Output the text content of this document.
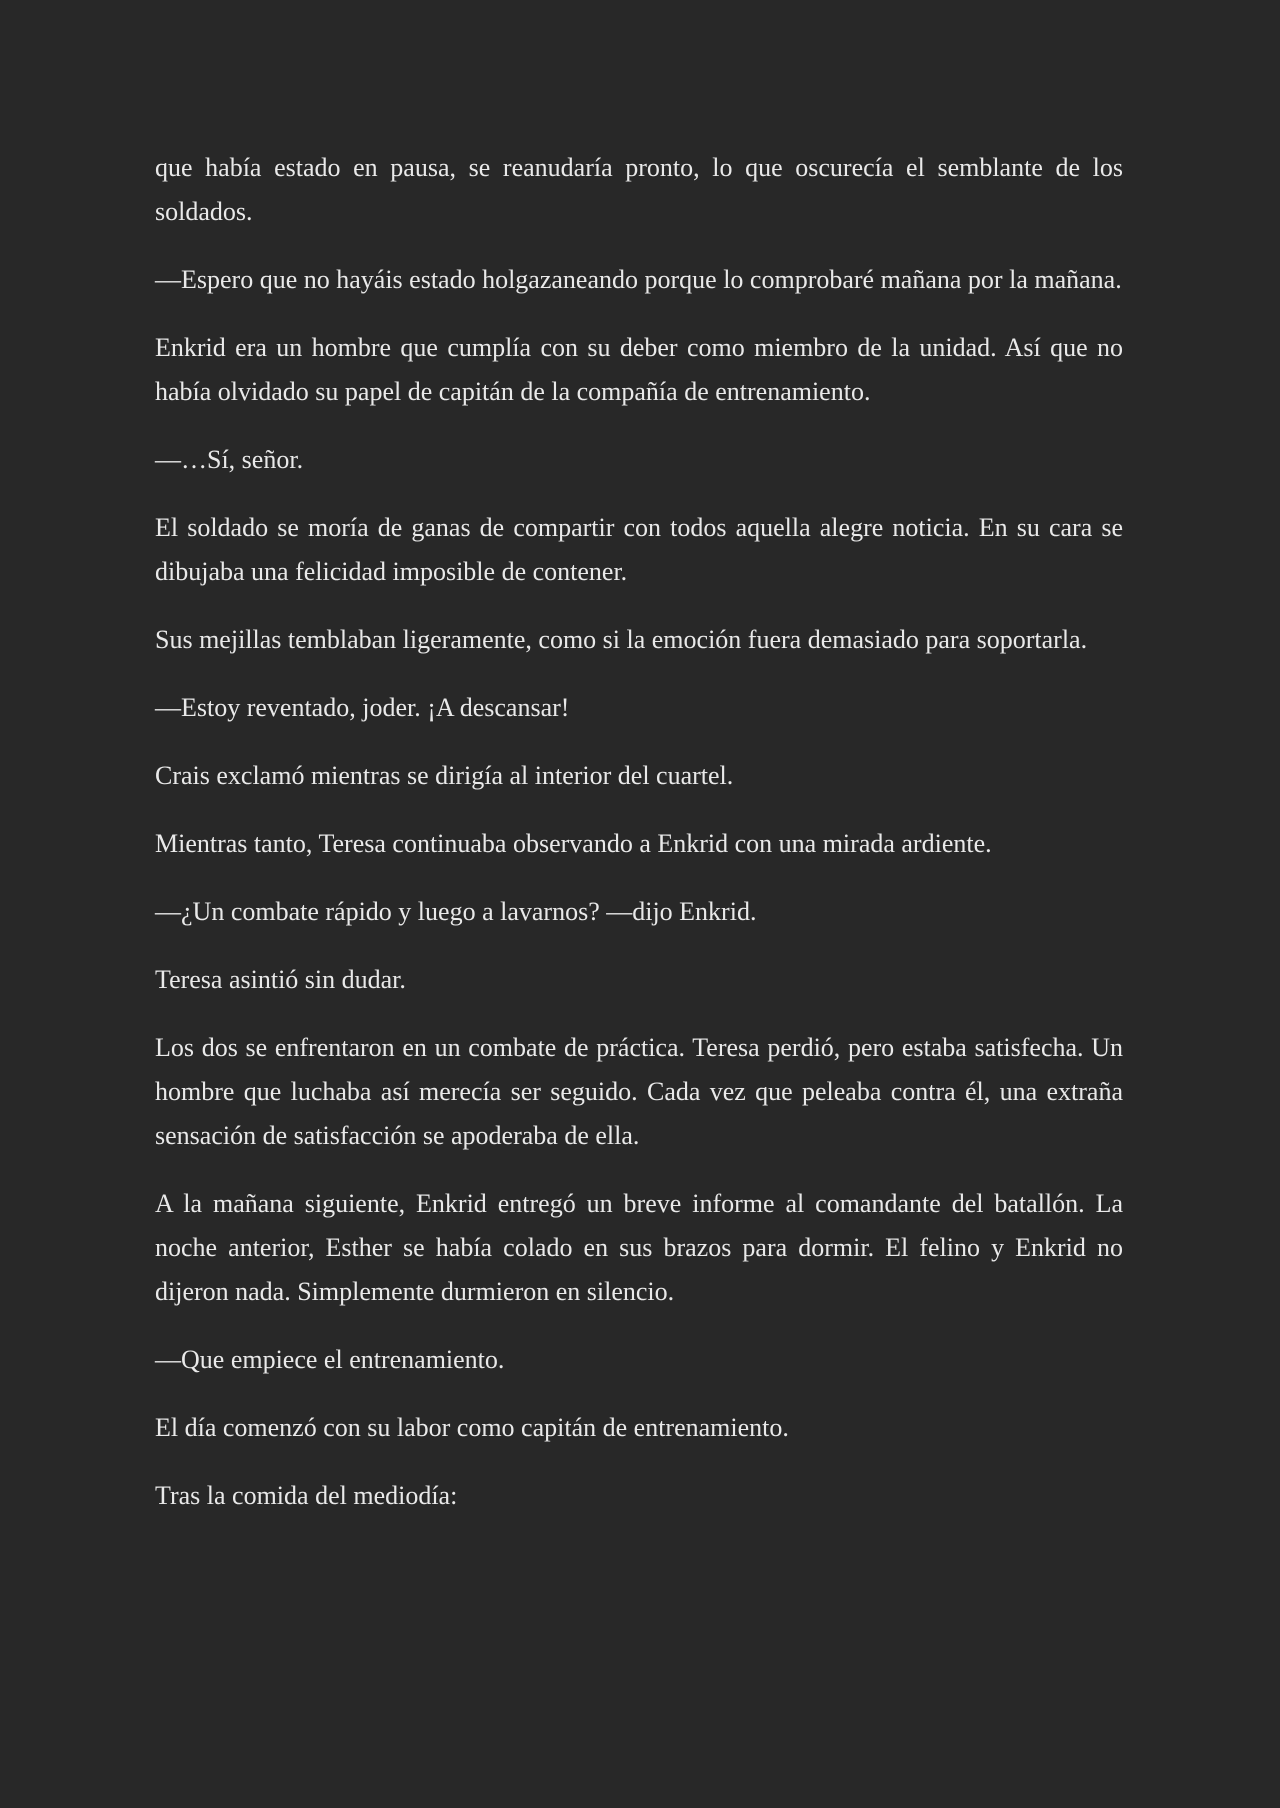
que había estado en pausa, se reanudaría pronto, lo que oscurecía el semblante de los soldados.

—Espero que no hayáis estado holgazaneando porque lo comprobaré mañana por la mañana.

Enkrid era un hombre que cumplía con su deber como miembro de la unidad. Así que no había olvidado su papel de capitán de la compañía de entrenamiento.

—…Sí, señor.

El soldado se moría de ganas de compartir con todos aquella alegre noticia. En su cara se dibujaba una felicidad imposible de contener.

Sus mejillas temblaban ligeramente, como si la emoción fuera demasiado para soportarla.

—Estoy reventado, joder. ¡A descansar!

Crais exclamó mientras se dirigía al interior del cuartel.

Mientras tanto, Teresa continuaba observando a Enkrid con una mirada ardiente.

—¿Un combate rápido y luego a lavarnos? —dijo Enkrid.

Teresa asintió sin dudar.

Los dos se enfrentaron en un combate de práctica. Teresa perdió, pero estaba satisfecha. Un hombre que luchaba así merecía ser seguido. Cada vez que peleaba contra él, una extraña sensación de satisfacción se apoderaba de ella.

A la mañana siguiente, Enkrid entregó un breve informe al comandante del batallón. La noche anterior, Esther se había colado en sus brazos para dormir. El felino y Enkrid no dijeron nada. Simplemente durmieron en silencio.

—Que empiece el entrenamiento.

El día comenzó con su labor como capitán de entrenamiento.

Tras la comida del mediodía:
